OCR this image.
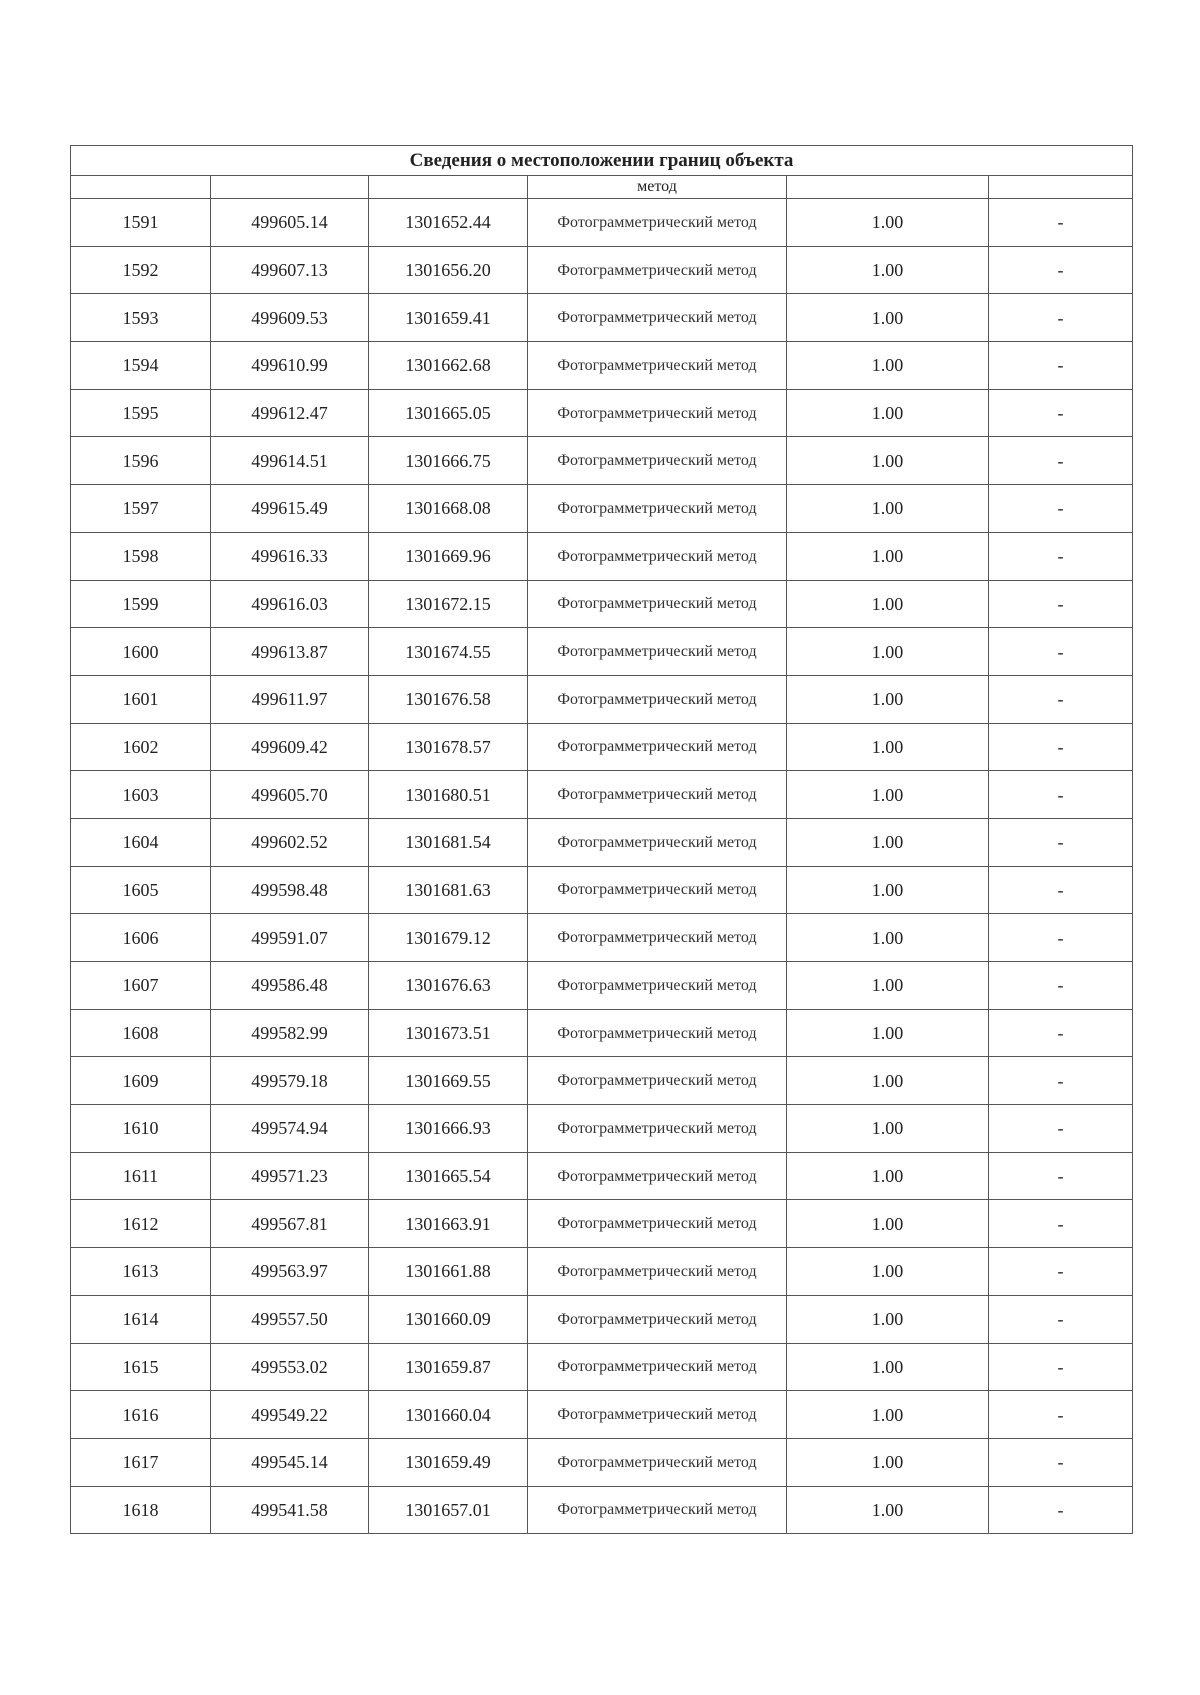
Сведения о местоположении границ объекта					
			метод		
1591	499605.14	1301652.44	Фотограмметрический метод	1.00	-
1592	499607.13	1301656.20	Фотограмметрический метод	1.00	-
1593	499609.53	1301659.41	Фотограмметрический метод	1.00	-
1594	499610.99	1301662.68	Фотограмметрический метод	1.00	-
1595	499612.47	1301665.05	Фотограмметрический метод	1.00	-
1596	499614.51	1301666.75	Фотограмметрический метод	1.00	-
1597	499615.49	1301668.08	Фотограмметрический метод	1.00	-
1598	499616.33	1301669.96	Фотограмметрический метод	1.00	-
1599	499616.03	1301672.15	Фотограмметрический метод	1.00	-
1600	499613.87	1301674.55	Фотограмметрический метод	1.00	-
1601	499611.97	1301676.58	Фотограмметрический метод	1.00	-
1602	499609.42	1301678.57	Фотограмметрический метод	1.00	-
1603	499605.70	1301680.51	Фотограмметрический метод	1.00	-
1604	499602.52	1301681.54	Фотограмметрический метод	1.00	-
1605	499598.48	1301681.63	Фотограмметрический метод	1.00	-
1606	499591.07	1301679.12	Фотограмметрический метод	1.00	-
1607	499586.48	1301676.63	Фотограмметрический метод	1.00	-
1608	499582.99	1301673.51	Фотограмметрический метод	1.00	-
1609	499579.18	1301669.55	Фотограмметрический метод	1.00	-
1610	499574.94	1301666.93	Фотограмметрический метод	1.00	-
1611	499571.23	1301665.54	Фотограмметрический метод	1.00	-
1612	499567.81	1301663.91	Фотограмметрический метод	1.00	-
1613	499563.97	1301661.88	Фотограмметрический метод	1.00	-
1614	499557.50	1301660.09	Фотограмметрический метод	1.00	-
1615	499553.02	1301659.87	Фотограмметрический метод	1.00	-
1616	499549.22	1301660.04	Фотограмметрический метод	1.00	-
1617	499545.14	1301659.49	Фотограмметрический метод	1.00	-
1618	499541.58	1301657.01	Фотограмметрический метод	1.00	-
